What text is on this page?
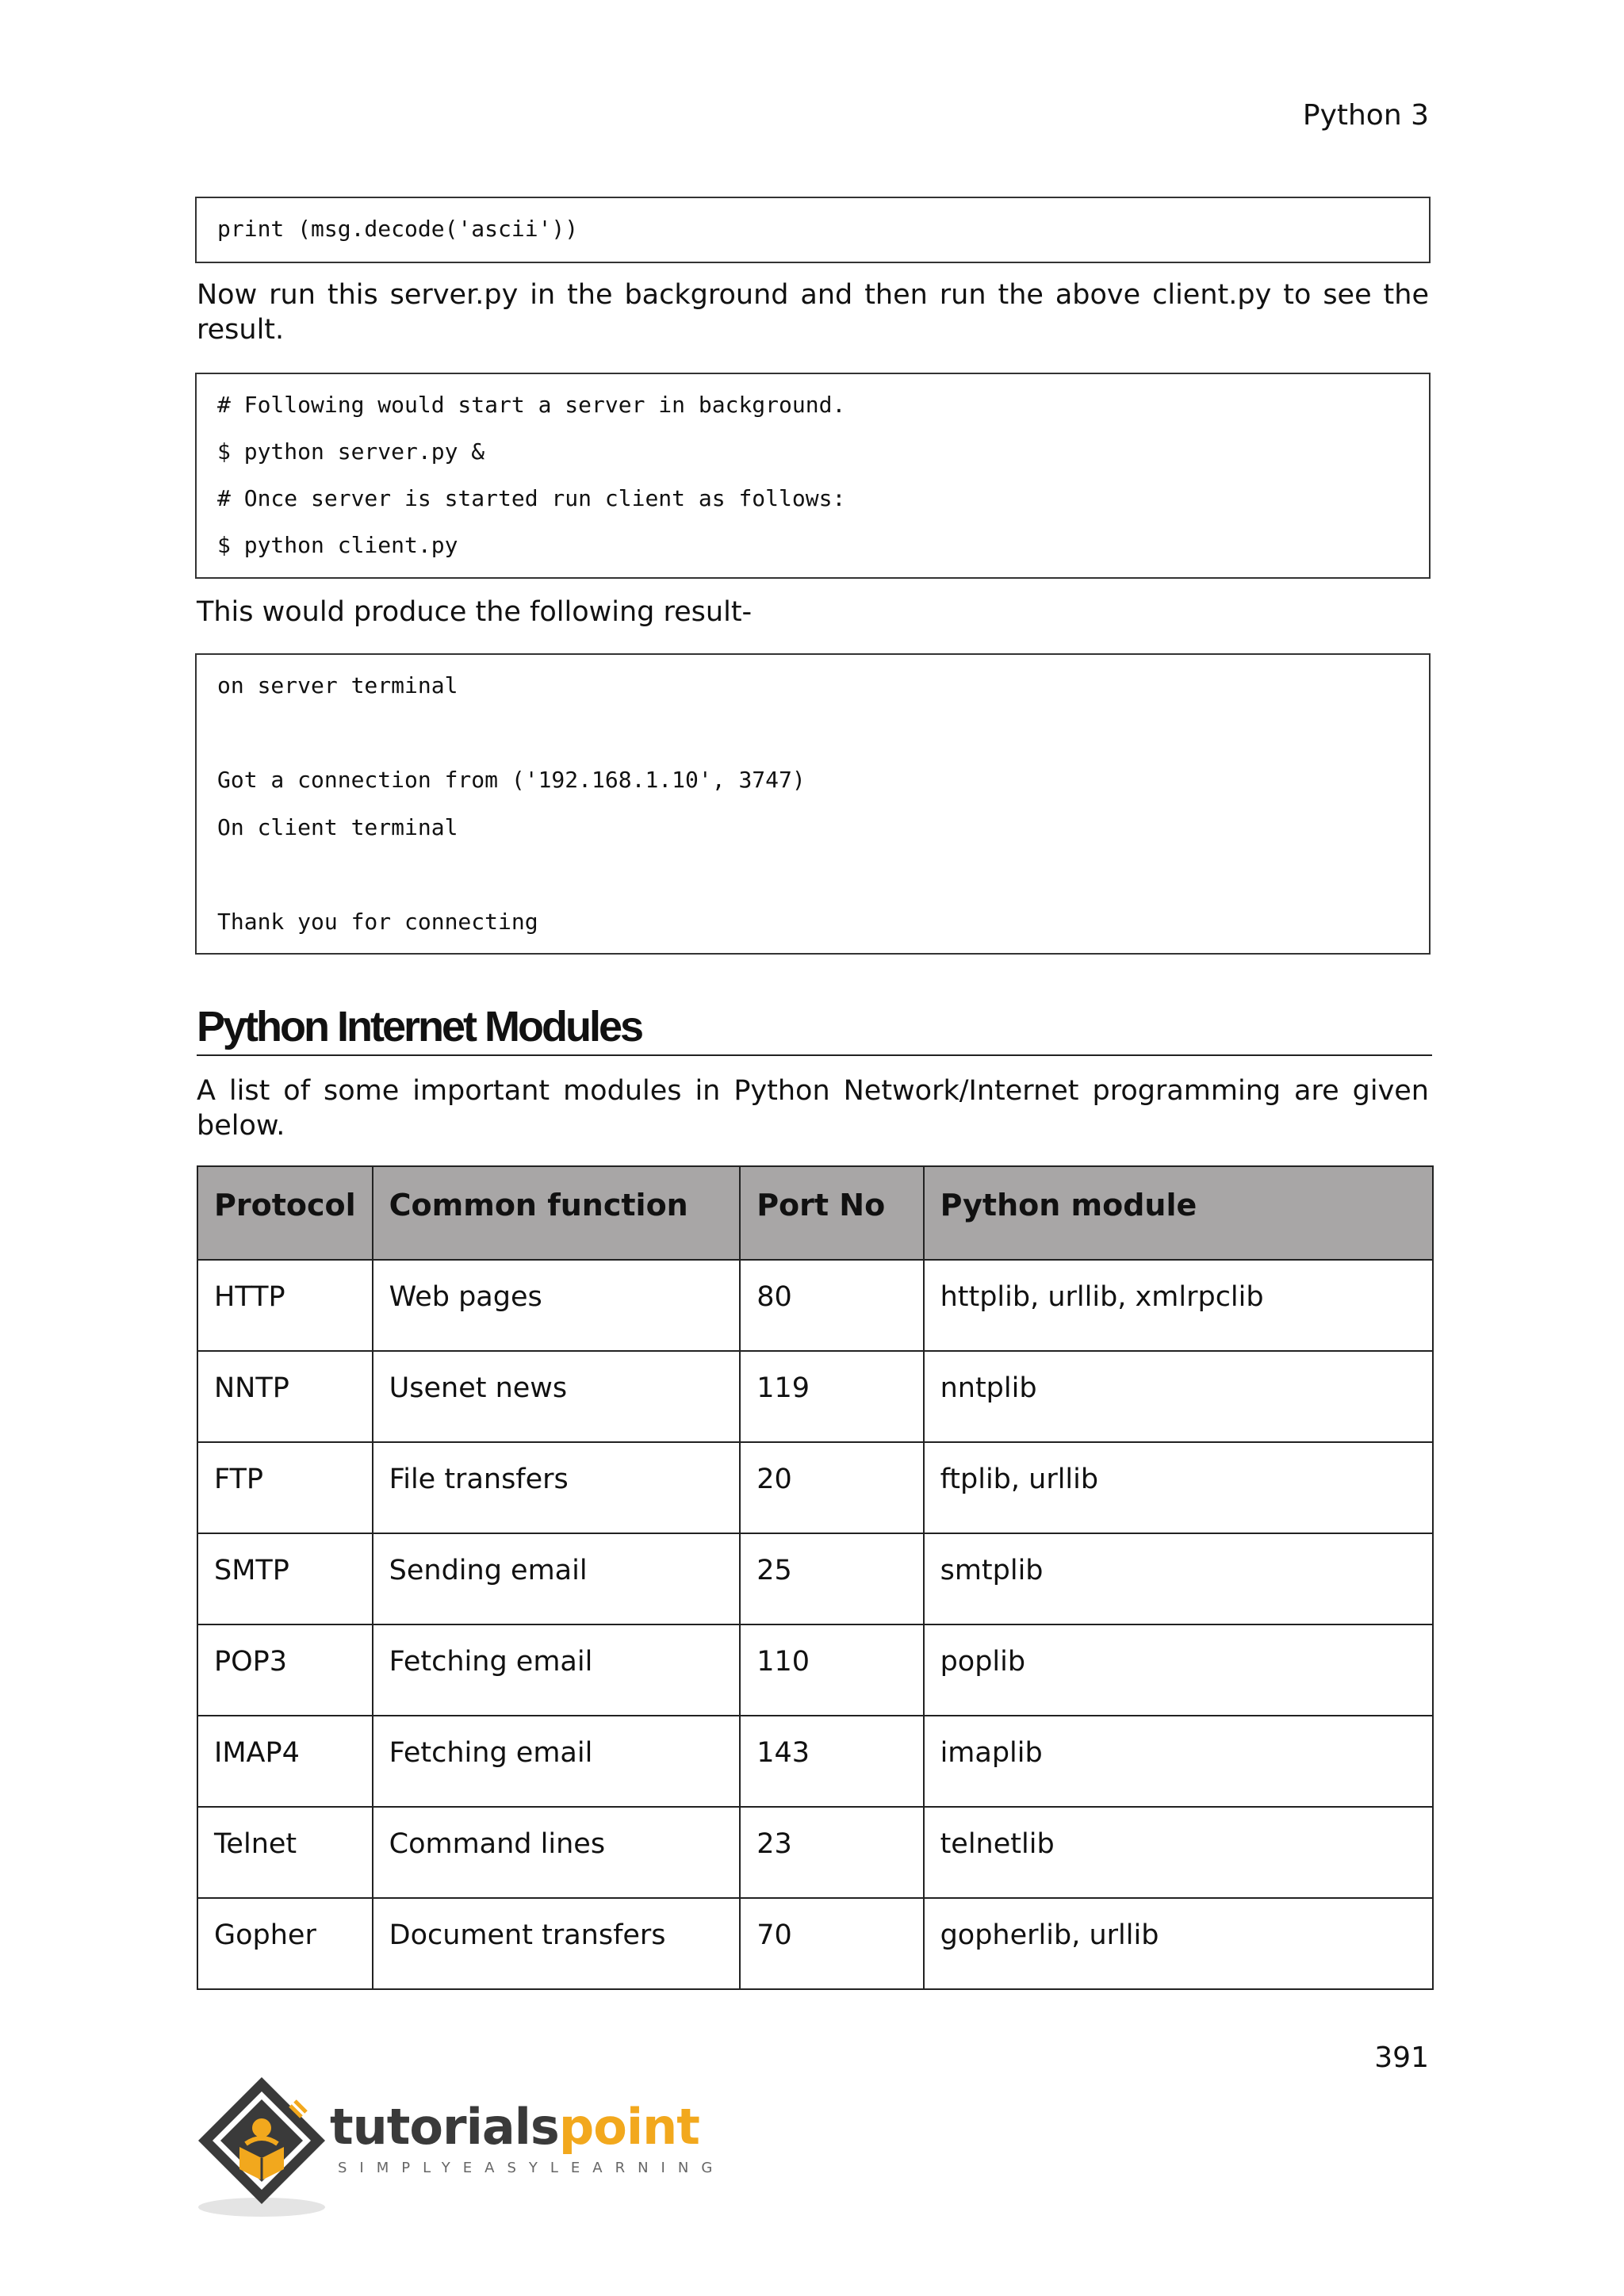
Python 3
print (msg.decode('ascii'))
Now run this server.py in the background and then run the above client.py to see the result.
# Following would start a server in background.
$ python server.py &
# Once server is started run client as follows:
$ python client.py
This would produce the following result-
on server terminal
Got a connection from ('192.168.1.10', 3747)
On client terminal
Thank you for connecting
Python Internet Modules
A list of some important modules in Python Network/Internet programming are given below.
Protocol	Common function	Port No	Python module
HTTP	Web pages	80	httplib, urllib, xmlrpclib
NNTP	Usenet news	119	nntplib
FTP	File transfers	20	ftplib, urllib
SMTP	Sending email	25	smtplib
POP3	Fetching email	110	poplib
IMAP4	Fetching email	143	imaplib
Telnet	Command lines	23	telnetlib
Gopher	Document transfers	70	gopherlib, urllib
391
tutorialspoint
SIMPLYEASYLEARNING
